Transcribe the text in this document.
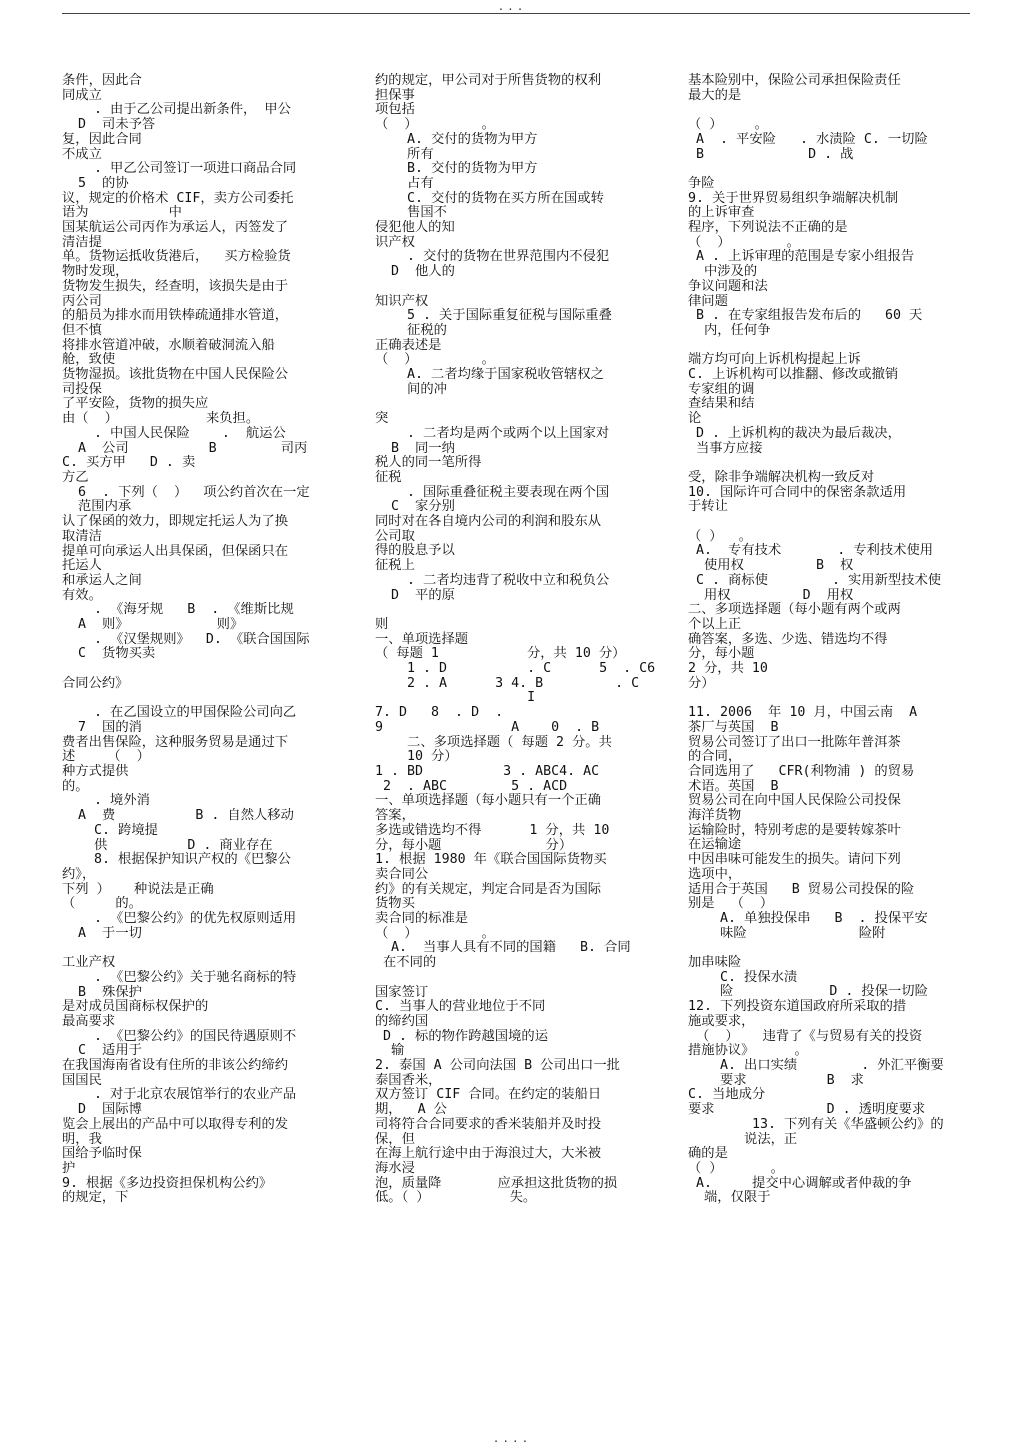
...
条件，因此合
同成立
. 由于乙公司提出新条件， 甲公
D  司未予答
复，因此合同
不成立
. 甲乙公司签订一项进口商品合同
5  的协
议，规定的价格术 CIF，卖方公司委托
语为          中
国某航运公司丙作为承运人，丙签发了
清洁提
单。货物运抵收货港后，  买方检验货
物时发现，
货物发生损失，经查明，该损失是由于
丙公司
的船员为排水而用铁棒疏通排水管道，
但不慎
将排水管道冲破，水顺着破洞流入船
舱，致使
货物湿损。该批货物在中国人民保险公
司投保
了平安险，货物的损失应
由（  ）           来负担。
. 中国人民保险    .  航运公
A  公司          B        司丙
C. 买方甲   D . 卖
方乙
6  . 下列（  ）  项公约首次在一定
范围内承
认了保函的效力，即规定托运人为了换
取清洁
提单可向承运人出具保函，但保函只在
托运人
和承运人之间
有效。
. 《海牙规   B  . 《维斯比规
A  则》           则》
. 《汉堡规则》  D. 《联合国国际
C  货物买卖
合同公约》
. 在乙国设立的甲国保险公司向乙
7  国的消
费者出售保险，这种服务贸易是通过下
述    （  ）
种方式提供
的。
. 境外消
A  费          B . 自然人移动
C. 跨境提
供          D . 商业存在
8. 根据保护知识产权的《巴黎公
约》，
下列 ）   种说法是正确
（     的。
. 《巴黎公约》的优先权原则适用
A  于一切
工业产权
. 《巴黎公约》关于驰名商标的特
B  殊保护
是对成员国商标权保护的
最高要求
. 《巴黎公约》的国民待遇原则不
C  适用于
在我国海南省设有住所的非该公约缔约
国国民
. 对于北京农展馆举行的农业产品
D  国际博
览会上展出的产品中可以取得专利的发
明，我
国给予临时保
护
9. 根据《多边投资担保机构公约》
的规定，下
约的规定，甲公司对于所售货物的权利
担保事
项包括
（  ）        。
A. 交付的货物为甲方
所有
B. 交付的货物为甲方
占有
C. 交付的货物在买方所在国或转
售国不
侵犯他人的知
识产权
. 交付的货物在世界范围内不侵犯
D  他人的
知识产权
5 . 关于国际重复征税与国际重叠
征税的
正确表述是
（  ）        。
A. 二者均缘于国家税收管辖权之
间的冲
突
. 二者均是两个或两个以上国家对
B  同一纳
税人的同一笔所得
征税
. 国际重叠征税主要表现在两个国
C  家分别
同时对在各自境内公司的利润和股东从
公司取
得的股息予以
征税上
. 二者均违背了税收中立和税负公
D  平的原
则
一、单项选择题
（ 每题 1           分，共 10 分）
1 . D          . C      5  . C6
2 . A      3 4. B         . C
I
7. D   8  . D  .
9                A    0  . B
二、多项选择题（ 每题 2 分。共
10 分）
1 . BD          3 . ABC4. AC
2  . ABC        5 . ACD
一、单项选择题（每小题只有一个正确
答案，
多选或错选均不得      1 分，共 10
分，每小题             分）
1. 根据 1980 年《联合国国际货物买
卖合同公
约》的有关规定，判定合同是否为国际
货物买
卖合同的标准是
（  ）        。
A.  当事人具有不同的国籍   B. 合同
在不同的
国家签订
C. 当事人的营业地位于不同
的缔约国
D . 标的物作跨越国境的运
输
2. 泰国 A 公司向法国 B 公司出口一批
泰国香米，
双方签订 CIF 合同。在约定的装船日
期，  A 公
司将符合合同要求的香米装船并及时投
保，但
在海上航行途中由于海浪过大，大米被
海水浸
泡，质量降       应承担这批货物的损
低。（ ）          失。
基本险别中，保险公司承担保险责任
最大的是
（ ）    。
A  . 平安险   . 水渍险 C. 一切险
B             D . 战
争险
9. 关于世界贸易组织争端解决机制
的上诉审查
程序，下列说法不正确的是
（  ）       。
A . 上诉审理的范围是专家小组报告
中涉及的
争议问题和法
律问题
B . 在专家组报告发布后的   60 天
内，任何争
端方均可向上诉机构提起上诉
C. 上诉机构可以推翻、修改或撤销
专家组的调
查结果和结
论
D . 上诉机构的裁决为最后裁决，
当事方应接
受，除非争端解决机构一致反对
10. 国际许可合同中的保密条款适用
于转让
（ ）  。
A.  专有技术       . 专利技术使用
使用权         B  权
C . 商标使        . 实用新型技术使
用权         D  用权
二、多项选择题（每小题有两个或两
个以上正
确答案，多选、少选、错选均不得
分，每小题
2 分，共 10
分）
11. 2006  年 10 月，中国云南  A
茶厂与英国  B
贸易公司签订了出口一批陈年普洱茶
的合同，
合同选用了   CFR(利物浦 ) 的贸易
术语。英国  B
贸易公司在向中国人民保险公司投保
海洋货物
运输险时，特别考虑的是要转嫁茶叶
在运输途
中因串味可能发生的损失。请问下列
选项中，
适用合于英国   B 贸易公司投保的险
别是  （  ）
A. 单独投保串   B  . 投保平安
味险              险附
加串味险
C. 投保水渍
险            D . 投保一切险
12. 下列投资东道国政府所采取的措
施或要求，
（  ）   违背了《与贸易有关的投资
措施协议》     。
A. 出口实绩        . 外汇平衡要
要求          B  求
C. 当地成分
要求              D . 透明度要求
13. 下列有关《华盛顿公约》的
说法，正
确的是
（ ）      。
A.     提交中心调解或者仲裁的争
端，仅限于
....
